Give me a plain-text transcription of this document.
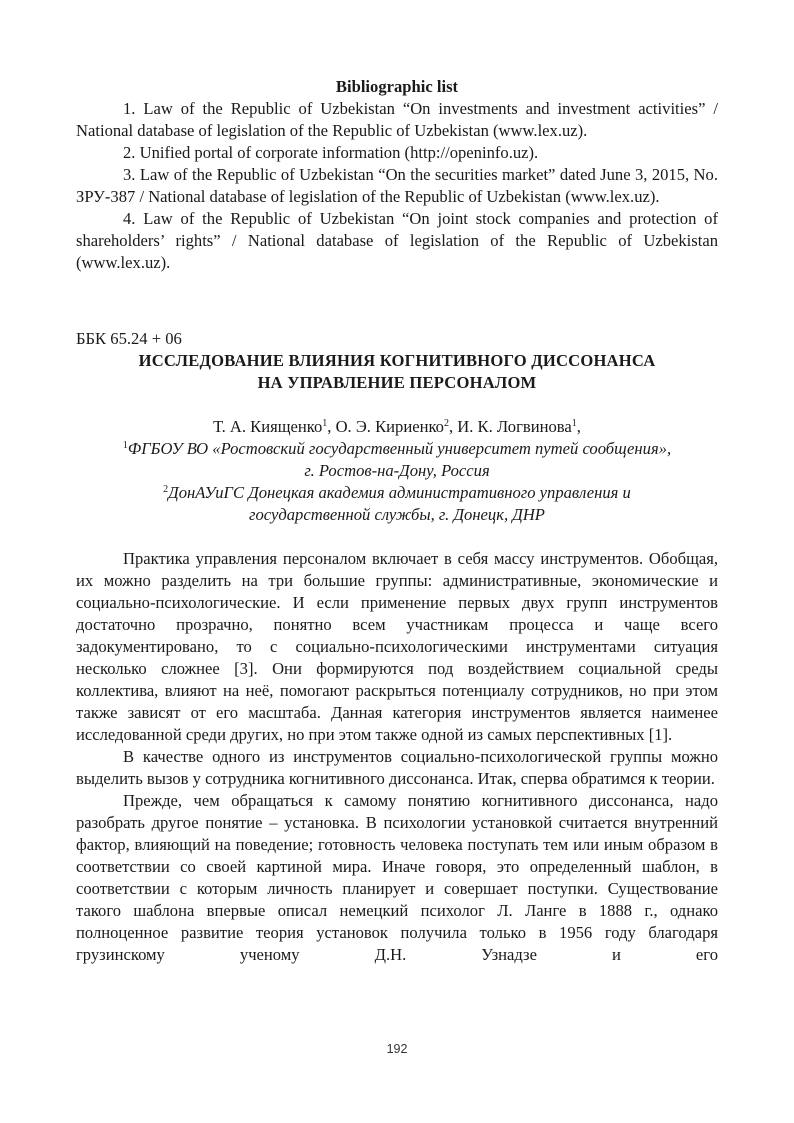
Bibliographic list

1. Law of the Republic of Uzbekistan “On investments and investment activities” / National database of legislation of the Republic of Uzbekistan (www.lex.uz).

2. Unified portal of corporate information (http://openinfo.uz).

3. Law of the Republic of Uzbekistan “On the securities market” dated June 3, 2015, No. ЗРУ-387 / National database of legislation of the Republic of Uzbekistan (www.lex.uz).

4. Law of the Republic of Uzbekistan “On joint stock companies and protection of shareholders’ rights” / National database of legislation of the Republic of Uzbekistan (www.lex.uz).

ББК 65.24 + 06

ИССЛЕДОВАНИЕ ВЛИЯНИЯ КОГНИТИВНОГО ДИССОНАНСА

НА УПРАВЛЕНИЕ ПЕРСОНАЛОМ

Т. А. Киященко$^1$, О. Э. Кириенко$^2$, И. К. Логвинова$^1$,

$^1$ФГБОУ ВО «Ростовский государственный университет путей сообщения»,

г. Ростов-на-Дону, Россия

$^2$ДонАУиГС Донецкая академия административного управления и

государственной службы, г. Донецк, ДНР

Практика управления персоналом включает в себя массу инструментов. Обобщая, их можно разделить на три большие группы: административные, экономические и социально-психологические. И если применение первых двух групп инструментов достаточно прозрачно, понятно всем участникам процесса и чаще всего задокументировано, то с социально-психологическими инструментами ситуация несколько сложнее [3]. Они формируются под воздействием социальной среды коллектива, влияют на неё, помогают раскрыться потенциалу сотрудников, но при этом также зависят от его масштаба. Данная категория инструментов является наименее исследованной среди других, но при этом также одной из самых перспективных [1].

В качестве одного из инструментов социально-психологической группы можно выделить вызов у сотрудника когнитивного диссонанса. Итак, сперва обратимся к теории.

Прежде, чем обращаться к самому понятию когнитивного диссонанса, надо разобрать другое понятие – установка. В психологии установкой считается внутренний фактор, влияющий на поведение; готовность человека поступать тем или иным образом в соответствии со своей картиной мира. Иначе говоря, это определенный шаблон, в соответствии с которым личность планирует и совершает поступки. Существование такого шаблона впервые описал немецкий психолог Л. Ланге в 1888 г., однако полноценное развитие теория установок получила только в 1956 году благодаря грузинскому ученому Д.Н. Узнадзе и его

192
